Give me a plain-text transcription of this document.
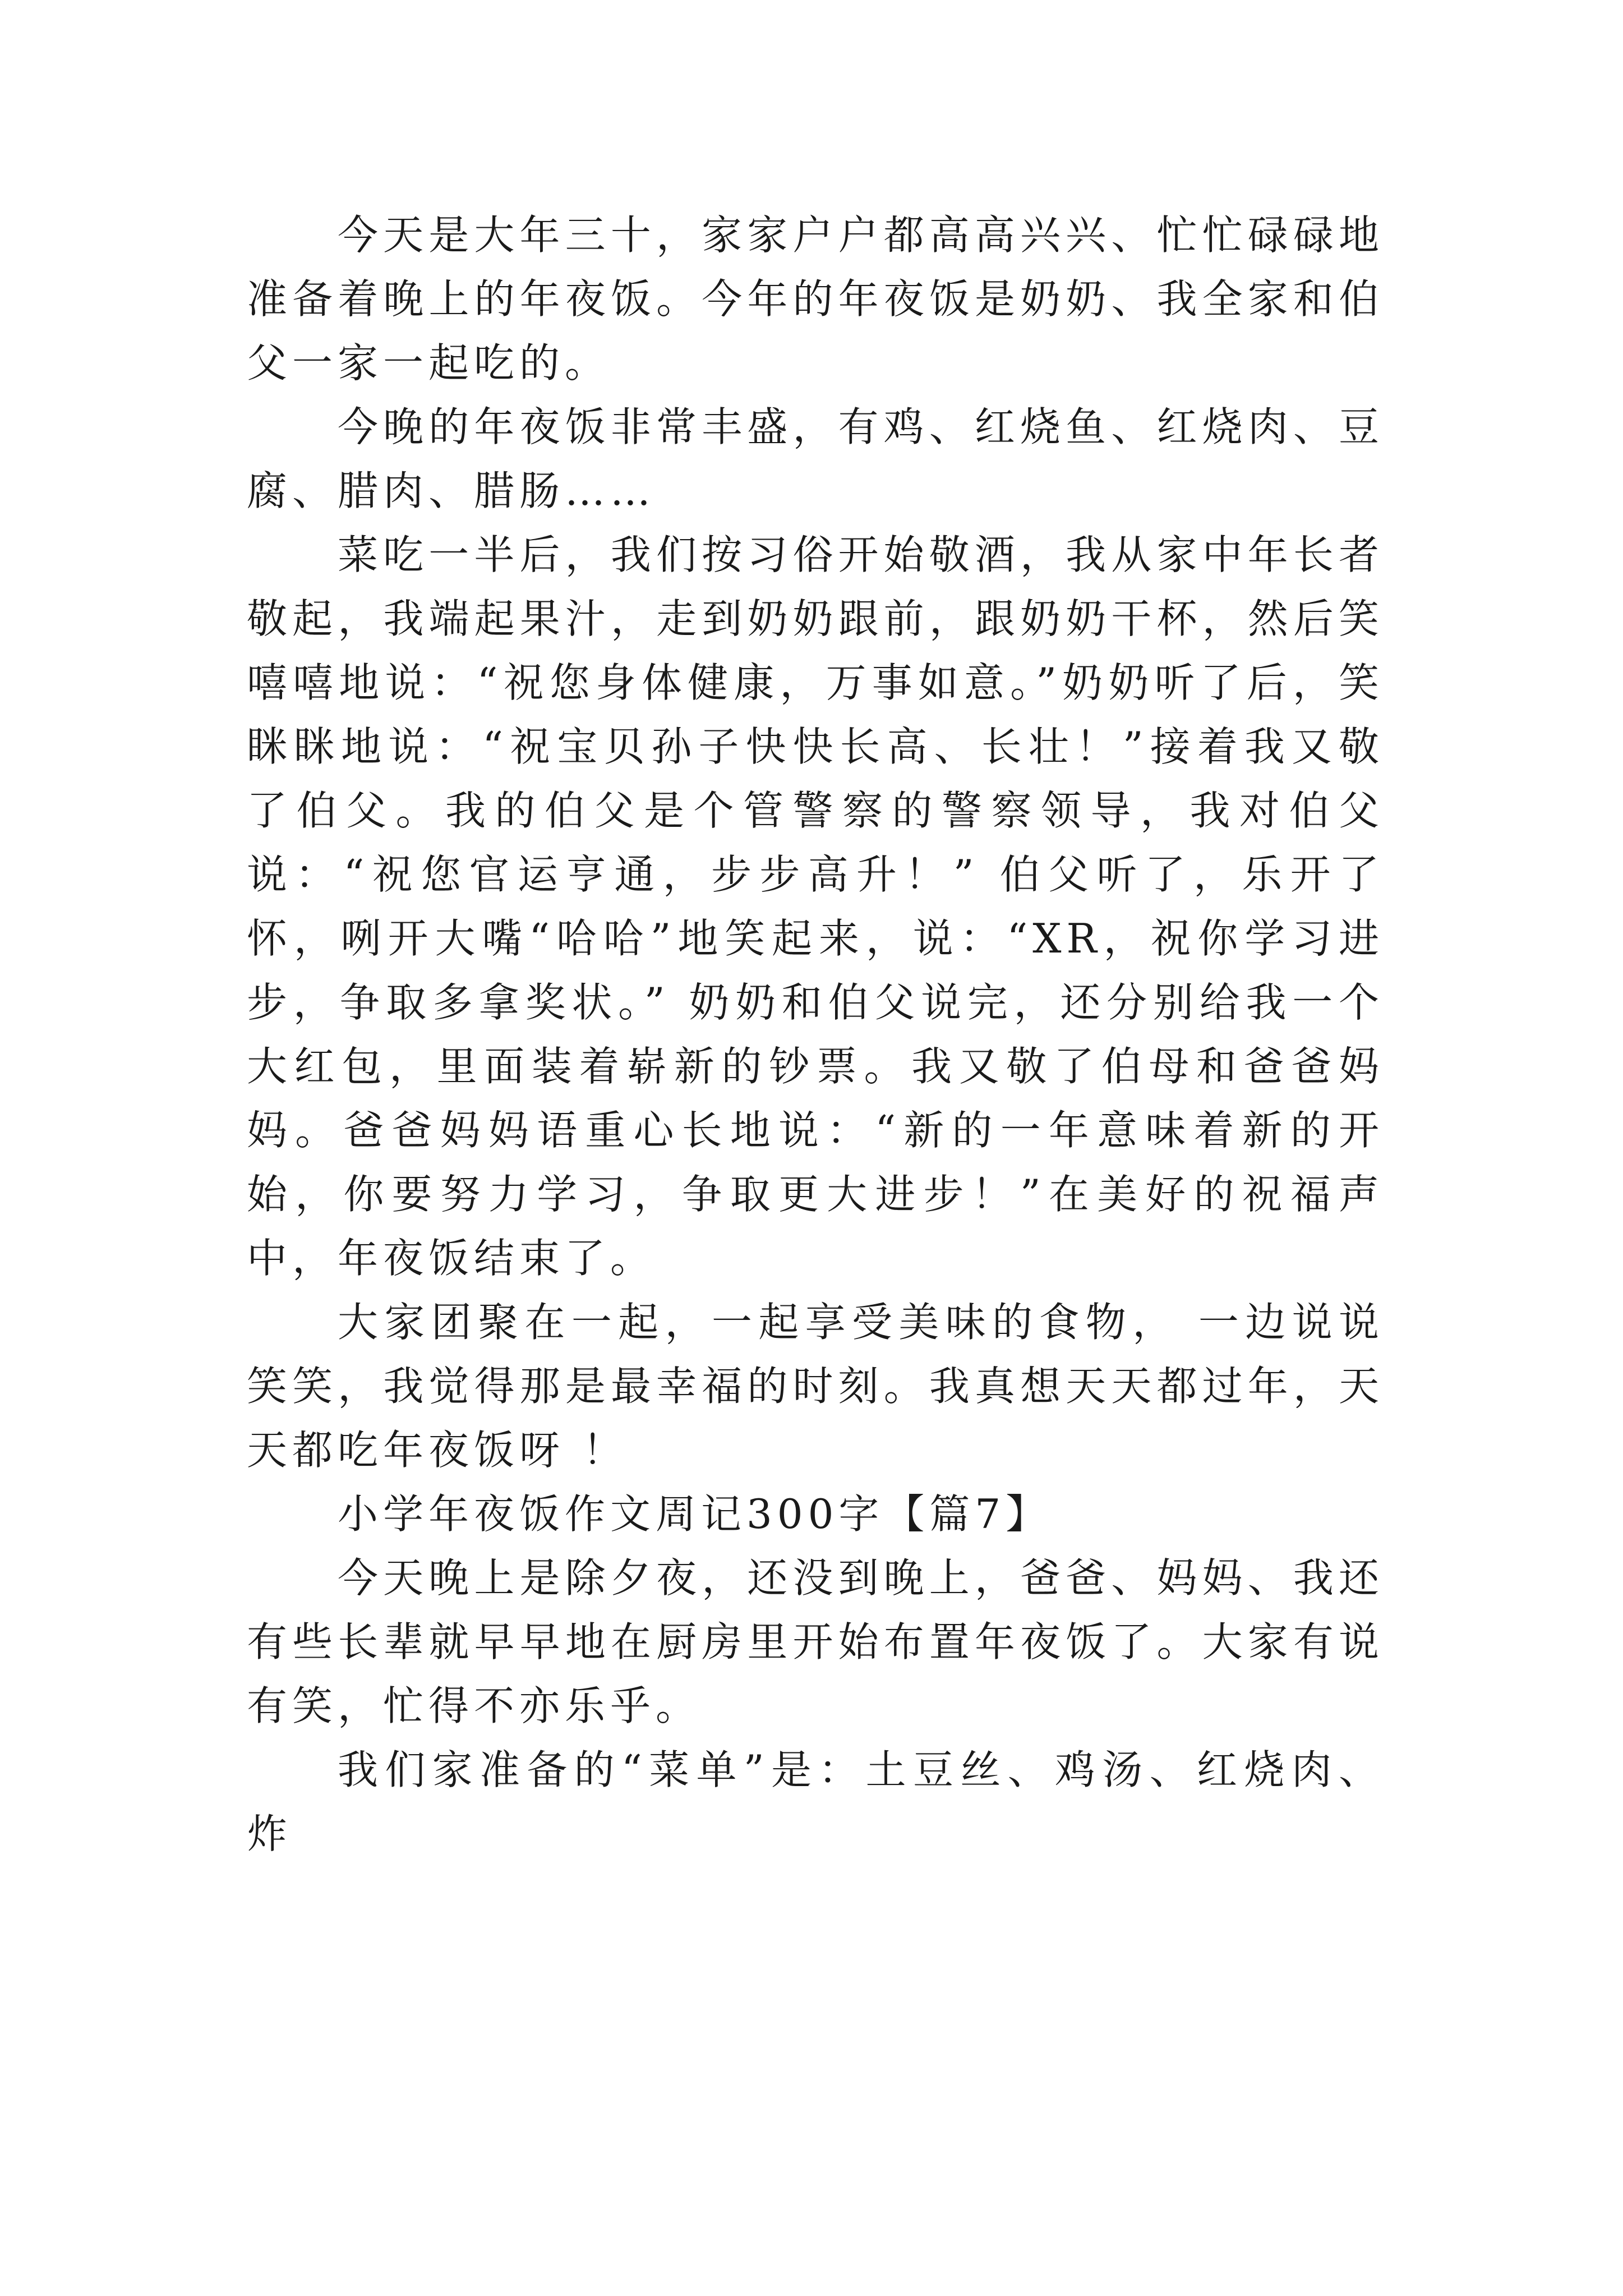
今天是大年三十，家家户户都高高兴兴、忙忙碌碌地准备着晚上的年夜饭。今年的年夜饭是奶奶、我全家和伯父一家一起吃的。

今晚的年夜饭非常丰盛，有鸡、红烧鱼、红烧肉、豆腐、腊肉、腊肠……

菜吃一半后，我们按习俗开始敬酒，我从家中年长者敬起，我端起果汁，走到奶奶跟前，跟奶奶干杯，然后笑嘻嘻地说：“祝您身体健康，万事如意。”奶奶听了后，笑眯眯地说：“祝宝贝孙子快快长高、长壮！”接着我又敬了伯父。我的伯父是个管警察的警察领导，我对伯父说：“祝您官运亨通，步步高升！” 伯父听了，乐开了怀，咧开大嘴“哈哈”地笑起来，说：“XR，祝你学习进步，争取多拿奖状。” 奶奶和伯父说完，还分别给我一个大红包，里面装着崭新的钞票。我又敬了伯母和爸爸妈妈。爸爸妈妈语重心长地说：“新的一年意味着新的开始，你要努力学习，争取更大进步！”在美好的祝福声中，年夜饭结束了。

大家团聚在一起，一起享受美味的食物， 一边说说笑笑，我觉得那是最幸福的时刻。我真想天天都过年，天天都吃年夜饭呀 ！

小学年夜饭作文周记300字【篇7】

今天晚上是除夕夜，还没到晚上，爸爸、妈妈、我还有些长辈就早早地在厨房里开始布置年夜饭了。大家有说有笑，忙得不亦乐乎。

我们家准备的“菜单”是：土豆丝、鸡汤、红烧肉、炸
